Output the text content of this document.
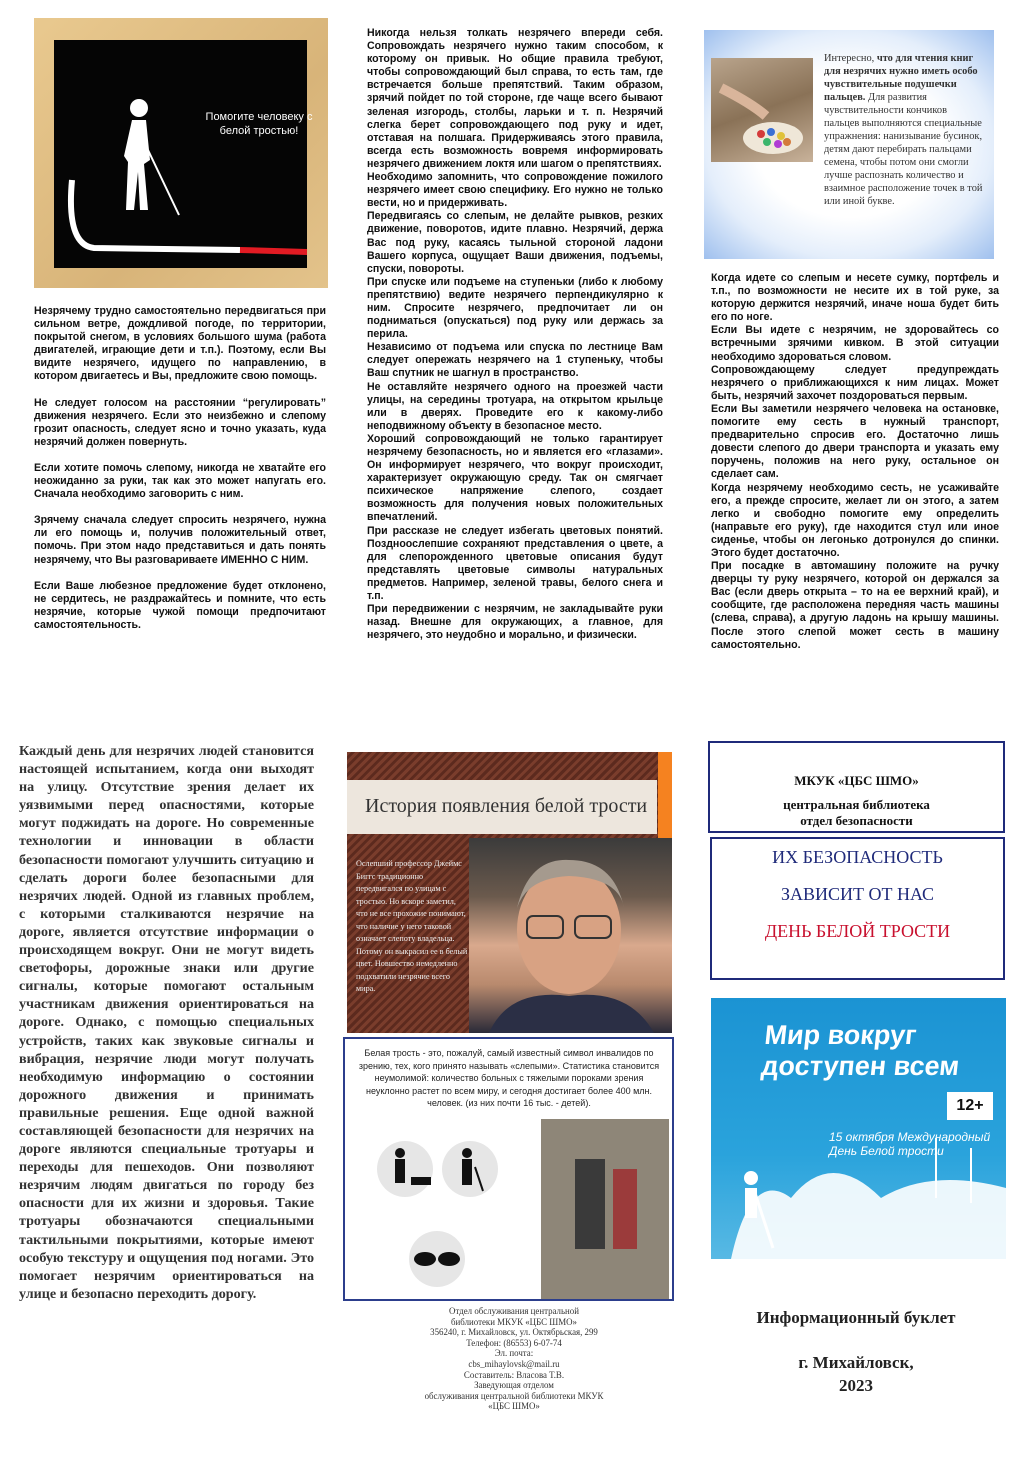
Помогите человеку с белой тростью!

Незрячему трудно самостоятельно передвигаться при сильном ветре, дождливой погоде, по территории, покрытой снегом, в условиях большого шума (работа двигателей, играющие дети и т.п.). Поэтому, если Вы видите незрячего, идущего по направлению, в котором двигаетесь и Вы, предложите свою помощь.

Не следует голосом на расстоянии “регулировать” движения незрячего. Если это неизбежно и слепому грозит опасность, следует ясно и точно указать, куда незрячий должен повернуть.

Если хотите помочь слепому, никогда не хватайте его неожиданно за руки, так как это может напугать его. Сначала необходимо заговорить с ним.

Зрячему сначала следует спросить незрячего, нужна ли его помощь и, получив положительный ответ, помочь. При этом надо представиться и дать понять незрячему, что Вы разговариваете ИМЕННО С НИМ.

Если Ваше любезное предложение будет отклонено, не сердитесь, не раздражайтесь и помните, что есть незрячие, которые чужой помощи предпочитают самостоятельность.

Никогда нельзя толкать незрячего впереди себя. Сопровождать незрячего нужно таким способом, к которому он привык. Но общие правила требуют, чтобы сопровождающий был справа, то есть там, где встречается больше препятствий. Таким образом, зрячий пойдет по той стороне, где чаще всего бывают зеленая изгородь, столбы, ларьки и т. п. Незрячий слегка берет сопровождающего под руку и идет, отставая на полшага. Придерживаясь этого правила, всегда есть возможность вовремя информировать незрячего движением локтя или шагом о препятствиях.

Необходимо запомнить, что сопровождение пожилого незрячего имеет свою специфику. Его нужно не только вести, но и придерживать.

Передвигаясь со слепым, не делайте рывков, резких движение, поворотов, идите плавно. Незрячий, держа Вас под руку, касаясь тыльной стороной ладони Вашего корпуса, ощущает Ваши движения, подъемы, спуски, повороты.

При спуске или подъеме на ступеньки (либо к любому препятствию) ведите незрячего перпендикулярно к ним. Спросите незрячего, предпочитает ли он подниматься (опускаться) под руку или держась за перила.

Независимо от подъема или спуска по лестнице Вам следует опережать незрячего на 1 ступеньку, чтобы Ваш спутник не шагнул в пространство.

Не оставляйте незрячего одного на проезжей части улицы, на середины тротуара, на открытом крыльце или в дверях. Проведите его к какому-либо неподвижному объекту в безопасное место.

Хороший сопровождающий не только гарантирует незрячему безопасность, но и является его «глазами». Он информирует незрячего, что вокруг происходит, характеризует окружающую среду. Так он смягчает психическое напряжение слепого, создает возможность для получения новых положительных впечатлений.

При рассказе не следует избегать цветовых понятий. Поздноослепшие сохраняют представления о цвете, а для слепорожденного цветовые описания будут представлять цветовые символы натуральных предметов. Например, зеленой травы, белого снега и т.п.

При передвижении с незрячим, не закладывайте руки назад. Внешне для окружающих, а главное, для незрячего, это неудобно и морально, и физически.

Интересно, что для чтения книг для незрячих нужно иметь особо чувствительные подушечки пальцев. Для развития чувствительности кончиков пальцев выполняются специальные упражнения: нанизывание бусинок, детям дают перебирать пальцами семена, чтобы потом они смогли лучше распознать количество и взаимное расположение точек в той или иной букве.

Когда идете со слепым и несете сумку, портфель и т.п., по возможности не несите их в той руке, за которую держится незрячий, иначе ноша будет бить его по ноге.

Если Вы идете с незрячим, не здоровайтесь со встречными зрячими кивком. В этой ситуации необходимо здороваться словом.

Сопровождающему следует предупреждать незрячего о приближающихся к ним лицах. Может быть, незрячий захочет поздороваться первым.

Если Вы заметили незрячего человека на остановке, помогите ему сесть в нужный транспорт, предварительно спросив его. Достаточно лишь довести слепого до двери транспорта и указать ему поручень, положив на него руку, остальное он сделает сам.

Когда незрячему необходимо сесть, не усаживайте его, а прежде спросите, желает ли он этого, а затем легко и свободно помогите ему определить (направьте его руку), где находится стул или иное сиденье, чтобы он легонько дотронулся до спинки. Этого будет достаточно.

При посадке в автомашину положите на ручку дверцы ту руку незрячего, которой он держался за Вас (если дверь открыта – то на ее верхний край), и сообщите, где расположена передняя часть машины (слева, справа), а другую ладонь на крышу машины. После этого слепой может сесть в машину самостоятельно.

Каждый день для незрячих людей становится настоящей испытанием, когда они выходят на улицу. Отсутствие зрения делает их уязвимыми перед опасностями, которые могут поджидать на дороге. Но современные технологии и инновации в области безопасности помогают улучшить ситуацию и сделать дороги более безопасными для незрячих людей. Одной из главных проблем, с которыми сталкиваются незрячие на дороге, является отсутствие информации о происходящем вокруг. Они не могут видеть светофоры, дорожные знаки или другие сигналы, которые помогают остальным участникам движения ориентироваться на дороге. Однако, с помощью специальных устройств, таких как звуковые сигналы и вибрация, незрячие люди могут получать необходимую информацию о состоянии дорожного движения и принимать правильные решения. Еще одной важной составляющей безопасности для незрячих на дороге являются специальные тротуары и переходы для пешеходов. Они позволяют незрячим людям двигаться по городу без опасности для их жизни и здоровья. Такие тротуары обозначаются специальными тактильными покрытиями, которые имеют особую текстуру и ощущения под ногами. Это помогает незрячим ориентироваться на улице и безопасно переходить дорогу.
История появления белой трости
Ослепший профессор Джеймс Биггс традиционно передвигался по улицам с тростью. Но вскоре заметил, что не все прохожие понимают, что наличие у него таковой означает слепоту владельца. Потому он выкрасил ее в белый цвет. Новшество немедленно подхватили незрячие всего мира.
Белая трость - это, пожалуй, самый известный символ инвалидов по зрению, тех, кого принято называть «слепыми». Статистика становится неумолимой: количество больных с тяжелыми пороками зрения неуклонно растет по всем миру, и сегодня достигает более 400 млн. человек. (из них почти 16 тыс. - детей).
Отдел обслуживания центральной
библиотеки МКУК «ЦБС ШМО»
356240, г. Михайловск, ул. Октябрьская, 299
Телефон: (86553) 6-07-74
Эл. почта:
cbs_mihaylovsk@mail.ru
Составитель: Власова Т.В.
Заведующая отделом
обслуживания центральной библиотеки МКУК
«ЦБС ШМО»
МКУК «ЦБС ШМО»
центральная библиотека
отдел безопасности
ИХ БЕЗОПАСНОСТЬ
ЗАВИСИТ ОТ НАС
ДЕНЬ БЕЛОЙ ТРОСТИ
Мир вокруг доступен всем
12+
15 октября Международный День Белой трости
Информационный буклет
г. Михайловск,
2023
